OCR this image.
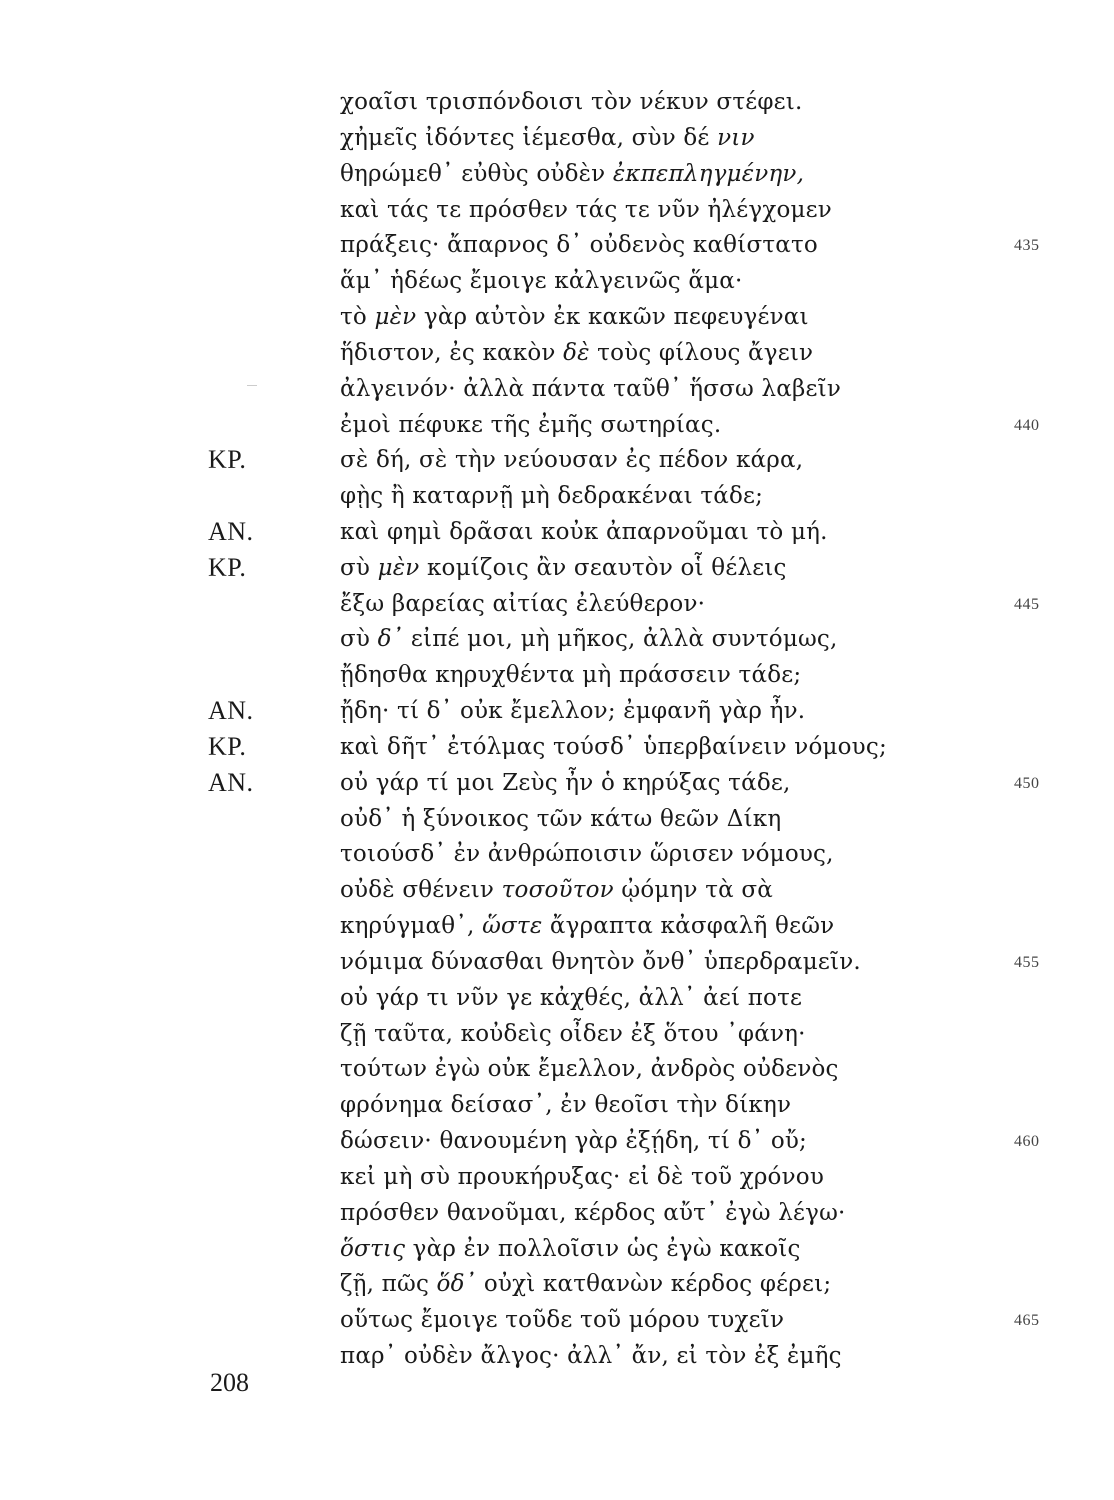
χοαῖσι τρισπόνδοισι τὸν νέκυν στέφει.
χἠμεῖς ἰδόντες ἱέμεσθα, σὺν δέ νιν
θηρώμεθ᾽ εὐθὺς οὐδὲν ἐκπεπληγμένην,
καὶ τάς τε πρόσθεν τάς τε νῦν ἠλέγχομεν
πράξεις· ἄπαρνος δ᾽ οὐδενὸς καθίστατο	435
ἅμ᾽ ἡδέως ἔμοιγε κἀλγεινῶς ἅμα·
τὸ μὲν γὰρ αὐτὸν ἐκ κακῶν πεφευγέναι
ἥδιστον, ἐς κακὸν δὲ τοὺς φίλους ἄγειν
ἀλγεινόν· ἀλλὰ πάντα ταῦθ᾽ ἥσσω λαβεῖν
ἐμοὶ πέφυκε τῆς ἐμῆς σωτηρίας.	440
ΚΡ.	σὲ δή, σὲ τὴν νεύουσαν ἐς πέδον κάρα,
φῂς ἢ καταρνῇ μὴ δεδρακέναι τάδε;
ΑΝ.	καὶ φημὶ δρᾶσαι κοὐκ ἀπαρνοῦμαι τὸ μή.
ΚΡ.	σὺ μὲν κομίζοις ἂν σεαυτὸν οἷ θέλεις
ἔξω βαρείας αἰτίας ἐλεύθερον·	445
σὺ δ᾽ εἰπέ μοι, μὴ μῆκος, ἀλλὰ συντόμως,
ᾔδησθα κηρυχθέντα μὴ πράσσειν τάδε;
ΑΝ.	ᾔδη· τί δ᾽ οὐκ ἔμελλον; ἐμφανῆ γὰρ ἦν.
ΚΡ.	καὶ δῆτ᾽ ἐτόλμας τούσδ᾽ ὑπερβαίνειν νόμους;
ΑΝ.	οὐ γάρ τί μοι Ζεὺς ἦν ὁ κηρύξας τάδε,	450
οὐδ᾽ ἡ ξύνοικος τῶν κάτω θεῶν Δίκη
τοιούσδ᾽ ἐν ἀνθρώποισιν ὥρισεν νόμους,
οὐδὲ σθένειν τοσοῦτον ᾠόμην τὰ σὰ
κηρύγμαθ᾽, ὥστε ἄγραπτα κἀσφαλῆ θεῶν
νόμιμα δύνασθαι θνητὸν ὄνθ᾽ ὑπερδραμεῖν.	455
οὐ γάρ τι νῦν γε κἀχθές, ἀλλ᾽ ἀεί ποτε
ζῇ ταῦτα, κοὐδεὶς οἶδεν ἐξ ὅτου ᾽φάνη·
τούτων ἐγὼ οὐκ ἔμελλον, ἀνδρὸς οὐδενὸς
φρόνημα δείσασ᾽, ἐν θεοῖσι τὴν δίκην
δώσειν· θανουμένη γὰρ ἐξῄδη, τί δ᾽ οὔ;	460
κεἰ μὴ σὺ προυκήρυξας· εἰ δὲ τοῦ χρόνου
πρόσθεν θανοῦμαι, κέρδος αὔτ᾽ ἐγὼ λέγω·
ὅστις γὰρ ἐν πολλοῖσιν ὡς ἐγὼ κακοῖς
ζῇ, πῶς ὅδ᾽ οὐχὶ κατθανὼν κέρδος φέρει;
οὕτως ἔμοιγε τοῦδε τοῦ μόρου τυχεῖν	465
παρ᾽ οὐδὲν ἄλγος· ἀλλ᾽ ἄν, εἰ τὸν ἐξ ἐμῆς
208
